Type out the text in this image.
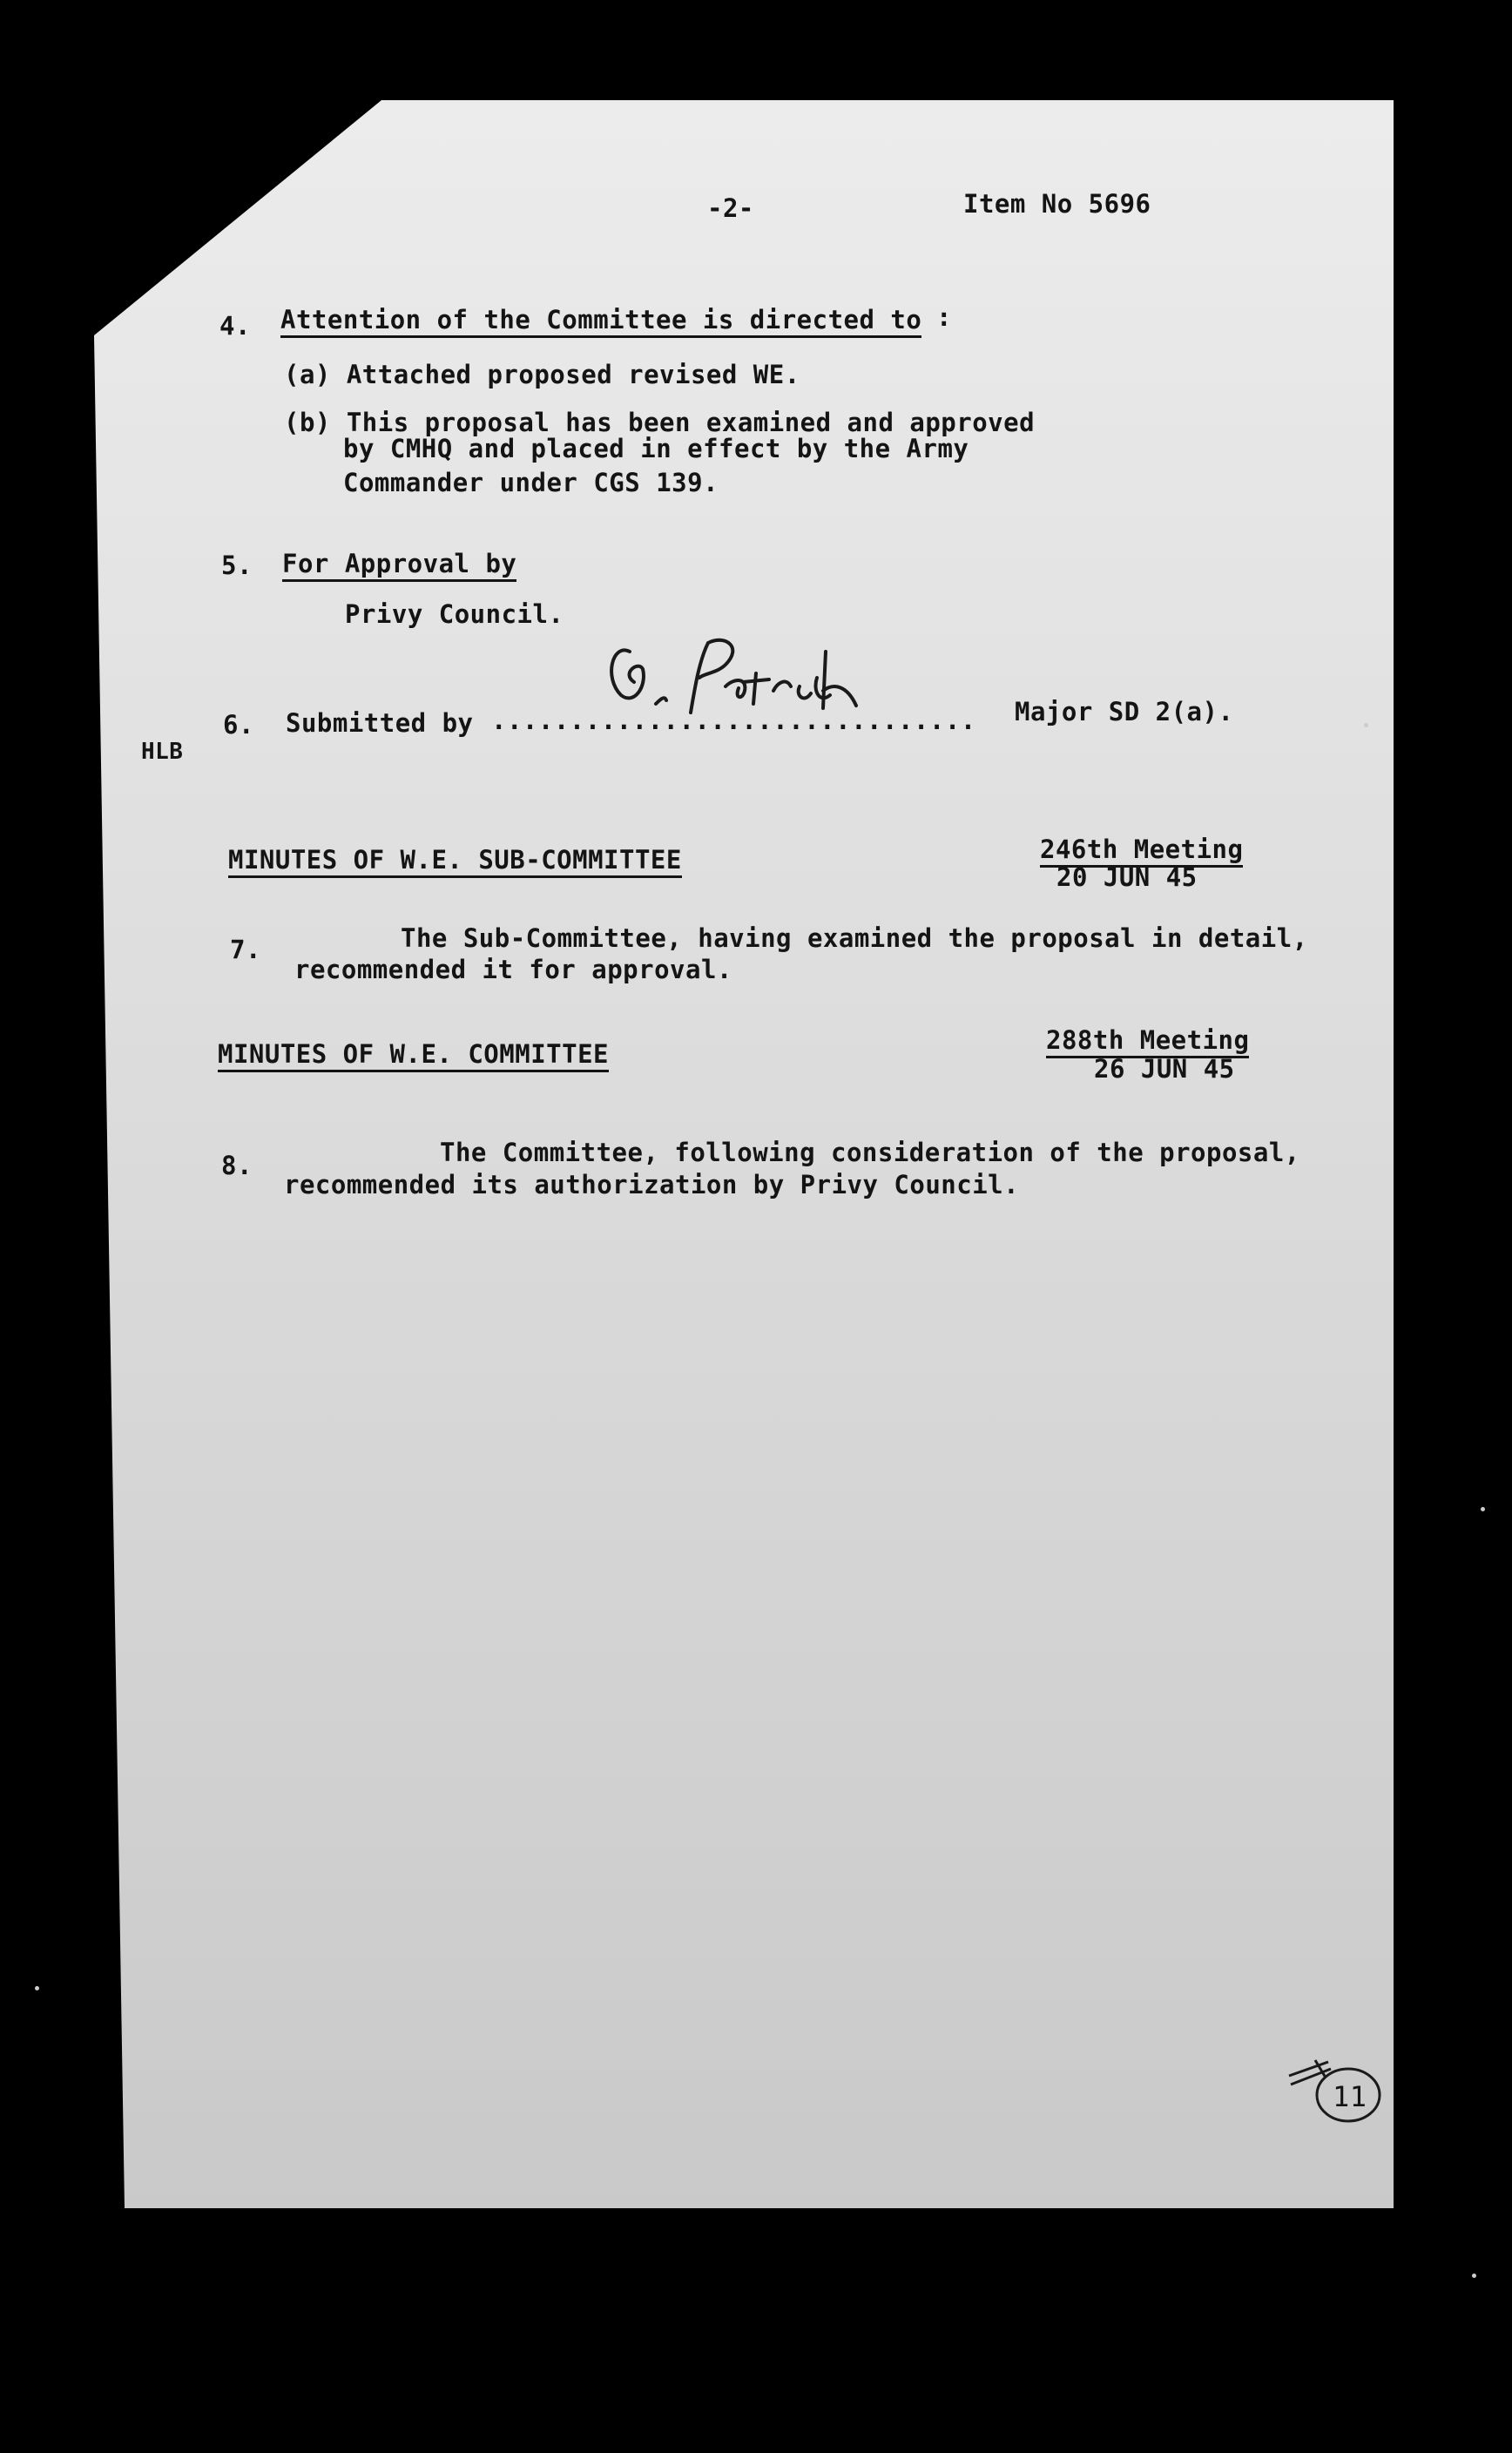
-2-	Item No 5696
4. Attention of the Committee is directed to :
(a) Attached proposed revised WE.
(b) This proposal has been examined and approved
by CMHQ and placed in effect by the Army
Commander under CGS 139.
5. For Approval by
Privy Council.
6. Submitted by ............................... Major SD 2(a).
HLB
MINUTES OF W.E. SUB-COMMITTEE	246th Meeting
20 JUN 45
7.	The Sub-Committee, having examined the proposal in detail,
recommended it for approval.
MINUTES OF W.E. COMMITTEE	288th Meeting
26 JUN 45
8.	The Committee, following consideration of the proposal,
recommended its authorization by Privy Council.
11
